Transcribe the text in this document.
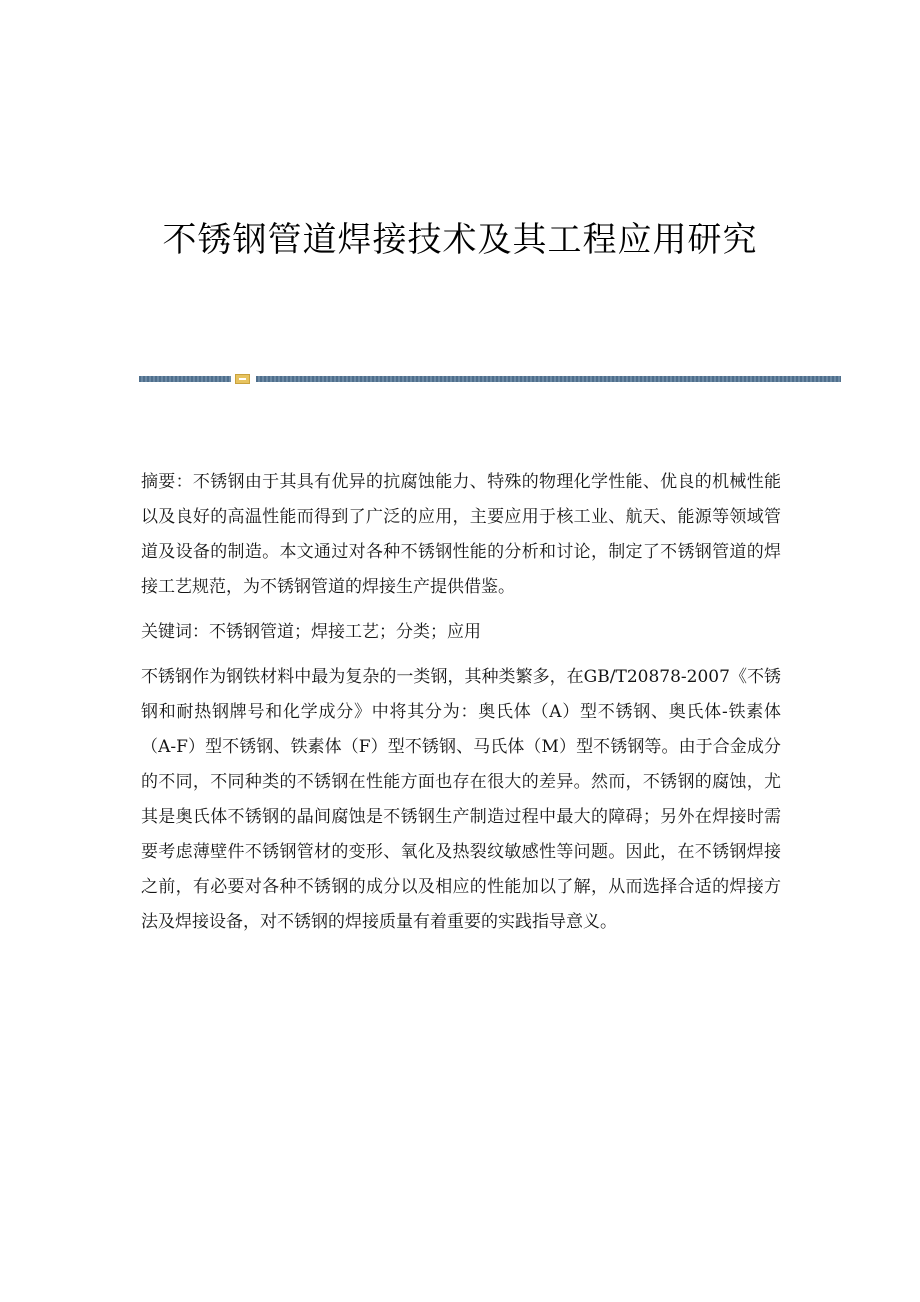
不锈钢管道焊接技术及其工程应用研究

摘要：不锈钢由于其具有优异的抗腐蚀能力、特殊的物理化学性能、优良的机械性能以及良好的高温性能而得到了广泛的应用，主要应用于核工业、航天、能源等领域管道及设备的制造。本文通过对各种不锈钢性能的分析和讨论，制定了不锈钢管道的焊接工艺规范，为不锈钢管道的焊接生产提供借鉴。

关键词：不锈钢管道；焊接工艺；分类；应用

不锈钢作为钢铁材料中最为复杂的一类钢，其种类繁多，在GB/T20878-2007《不锈钢和耐热钢牌号和化学成分》中将其分为：奥氏体（A）型不锈钢、奥氏体-铁素体（A-F）型不锈钢、铁素体（F）型不锈钢、马氏体（M）型不锈钢等。由于合金成分的不同，不同种类的不锈钢在性能方面也存在很大的差异。然而，不锈钢的腐蚀，尤其是奥氏体不锈钢的晶间腐蚀是不锈钢生产制造过程中最大的障碍；另外在焊接时需要考虑薄壁件不锈钢管材的变形、氧化及热裂纹敏感性等问题。因此，在不锈钢焊接之前，有必要对各种不锈钢的成分以及相应的性能加以了解，从而选择合适的焊接方法及焊接设备，对不锈钢的焊接质量有着重要的实践指导意义。
